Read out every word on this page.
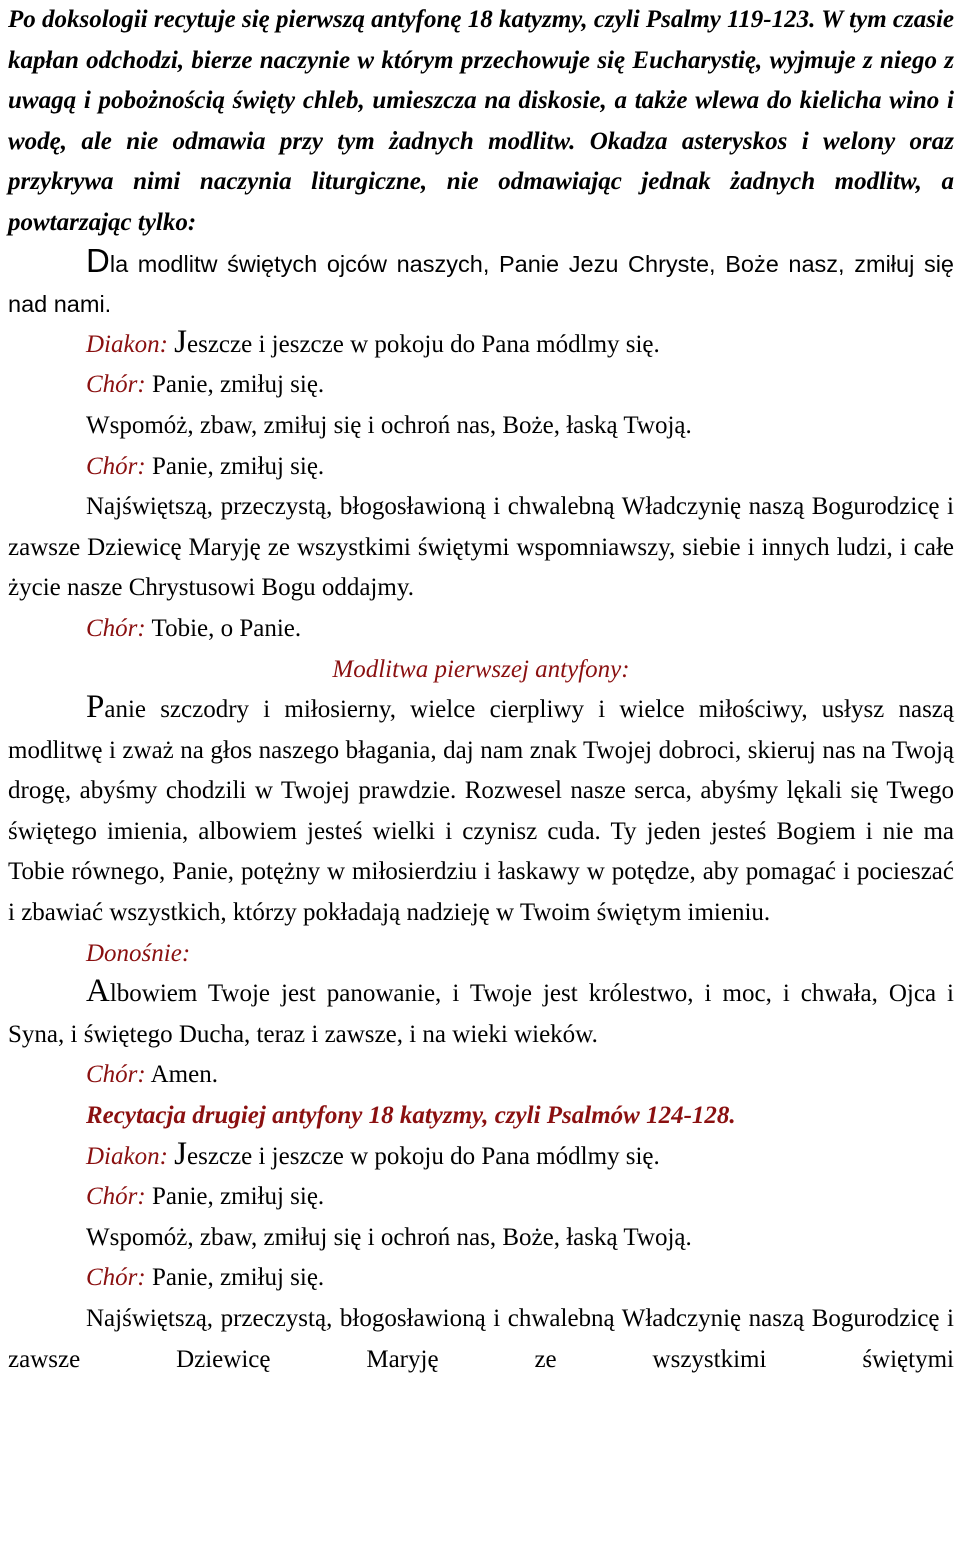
Po doksologii recytuje się pierwszą antyfonę 18 katyzmy, czyli Psalmy 119-123. W tym czasie kapłan odchodzi, bierze naczynie w którym przechowuje się Eucharystię, wyjmuje z niego z uwagą i pobożnością święty chleb, umieszcza na diskosie, a także wlewa do kielicha wino i wodę, ale nie odmawia przy tym żadnych modlitw. Okadza asteryskos i welony oraz przykrywa nimi naczynia liturgiczne, nie odmawiając jednak żadnych modlitw, a powtarzając tylko:

Dla modlitw świętych ojców naszych, Panie Jezu Chryste, Boże nasz, zmiłuj się nad nami.

Diakon: Jeszcze i jeszcze w pokoju do Pana módlmy się.

Chór: Panie, zmiłuj się.

Wspomóż, zbaw, zmiłuj się i ochroń nas, Boże, łaską Twoją.

Chór: Panie, zmiłuj się.

Najświętszą, przeczystą, błogosławioną i chwalebną Władczynię naszą Bogurodzicę i zawsze Dziewicę Maryję ze wszystkimi świętymi wspomniawszy, siebie i innych ludzi, i całe życie nasze Chrystusowi Bogu oddajmy.

Chór: Tobie, o Panie.

Modlitwa pierwszej antyfony:

Panie szczodry i miłosierny, wielce cierpliwy i wielce miłościwy, usłysz naszą modlitwę i zważ na głos naszego błagania, daj nam znak Twojej dobroci, skieruj nas na Twoją drogę, abyśmy chodzili w Twojej prawdzie. Rozwesel nasze serca, abyśmy lękali się Twego świętego imienia, albowiem jesteś wielki i czynisz cuda. Ty jeden jesteś Bogiem i nie ma Tobie równego, Panie, potężny w miłosierdziu i łaskawy w potędze, aby pomagać i pocieszać i zbawiać wszystkich, którzy pokładają nadzieję w Twoim świętym imieniu.

Donośnie:

Albowiem Twoje jest panowanie, i Twoje jest królestwo, i moc, i chwała, Ojca i Syna, i świętego Ducha, teraz i zawsze, i na wieki wieków.

Chór: Amen.

Recytacja drugiej antyfony 18 katyzmy, czyli Psalmów 124-128.

Diakon: Jeszcze i jeszcze w pokoju do Pana módlmy się.

Chór: Panie, zmiłuj się.

Wspomóż, zbaw, zmiłuj się i ochroń nas, Boże, łaską Twoją.

Chór: Panie, zmiłuj się.

Najświętszą, przeczystą, błogosławioną i chwalebną Władczynię naszą Bogurodzicę i zawsze Dziewicę Maryję ze wszystkimi świętymi
